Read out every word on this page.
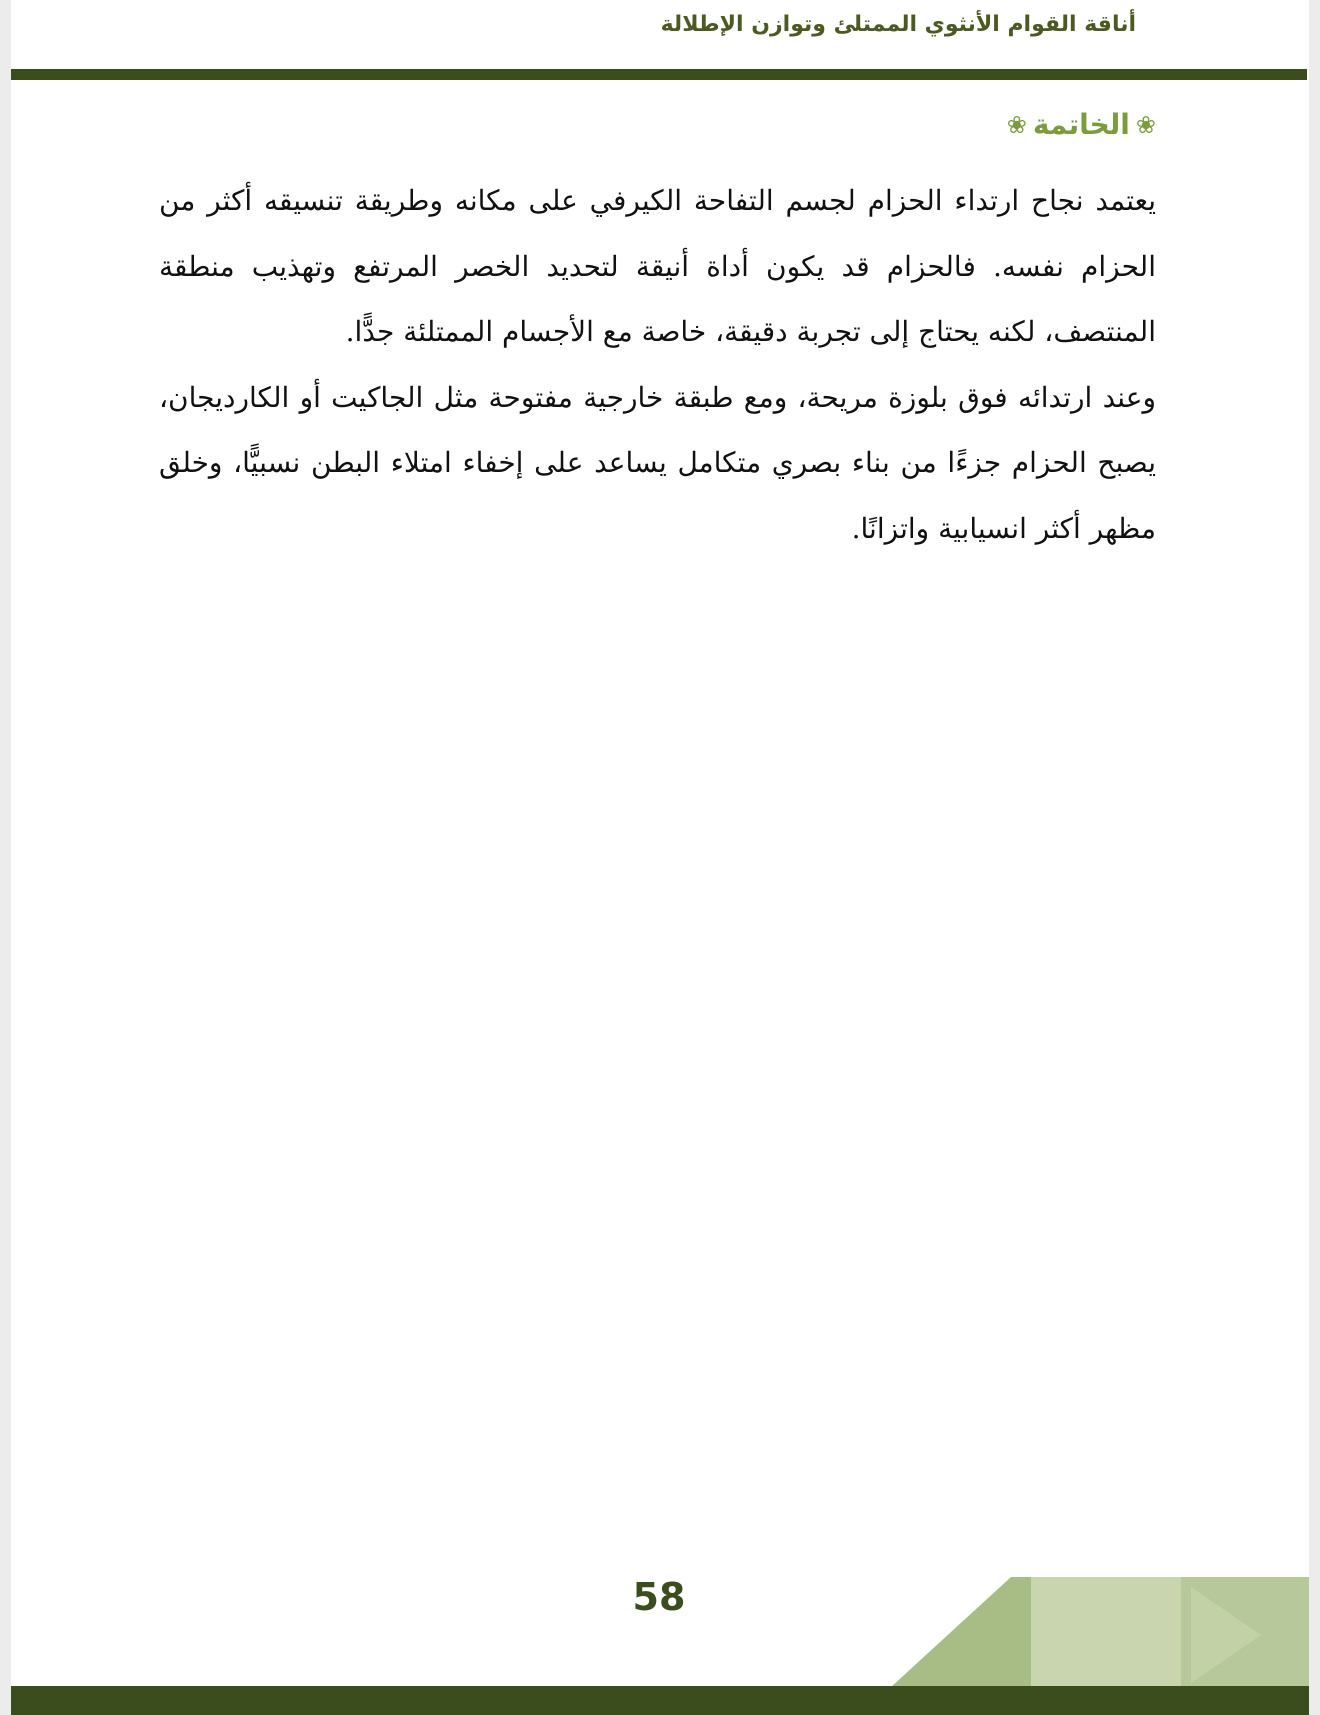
أناقة القوام الأنثوي الممتلئ وتوازن الإطلالة
❀
الخاتمة
❀

يعتمد نجاح ارتداء الحزام لجسم التفاحة الكيرفي على مكانه وطريقة تنسيقه أكثر من الحزام نفسه. فالحزام قد يكون أداة أنيقة لتحديد الخصر المرتفع وتهذيب منطقة المنتصف، لكنه يحتاج إلى تجربة دقيقة، خاصة مع الأجسام الممتلئة جدًّا.

وعند ارتدائه فوق بلوزة مريحة، ومع طبقة خارجية مفتوحة مثل الجاكيت أو الكارديجان، يصبح الحزام جزءًا من بناء بصري متكامل يساعد على إخفاء امتلاء البطن نسبيًّا، وخلق مظهر أكثر انسيابية واتزانًا.

58
